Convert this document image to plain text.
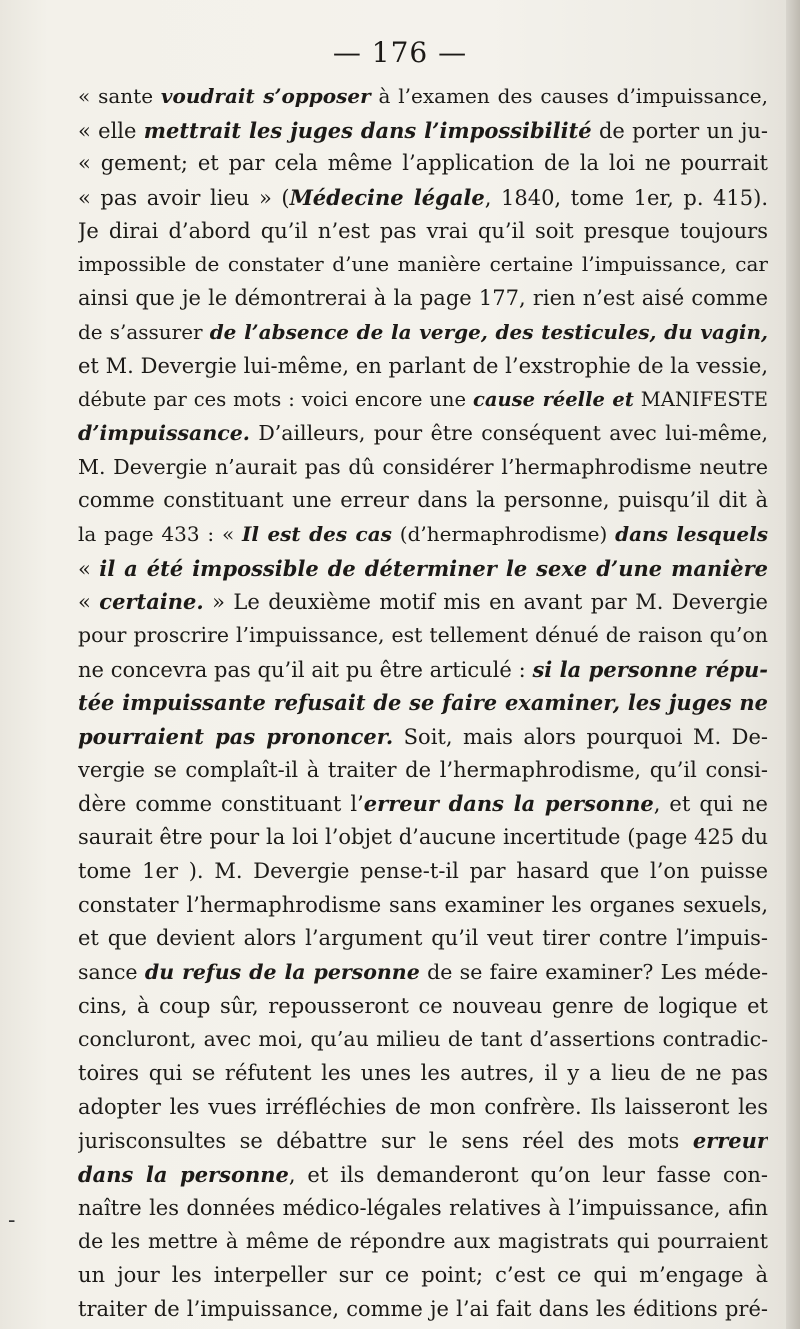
— 176 —
« sante voudrait s’opposer à l’examen des causes d’impuissance,
« elle mettrait les juges dans l’impossibilité de porter un ju-
« gement; et par cela même l’application de la loi ne pourrait
« pas avoir lieu » (Médecine légale, 1840, tome 1er, p. 415).
Je dirai d’abord qu’il n’est pas vrai qu’il soit presque toujours
impossible de constater d’une manière certaine l’impuissance, car
ainsi que je le démontrerai à la page 177, rien n’est aisé comme
de s’assurer de l’absence de la verge, des testicules, du vagin,
et M. Devergie lui-même, en parlant de l’exstrophie de la vessie,
débute par ces mots : voici encore une cause réelle et MANIFESTE
d’impuissance. D’ailleurs, pour être conséquent avec lui-même,
M. Devergie n’aurait pas dû considérer l’hermaphrodisme neutre
comme constituant une erreur dans la personne, puisqu’il dit à
la page 433 : « Il est des cas (d’hermaphrodisme) dans lesquels
« il a été impossible de déterminer le sexe d’une manière
« certaine. » Le deuxième motif mis en avant par M. Devergie
pour proscrire l’impuissance, est tellement dénué de raison qu’on
ne concevra pas qu’il ait pu être articulé : si la personne répu-
tée impuissante refusait de se faire examiner, les juges ne
pourraient pas prononcer. Soit, mais alors pourquoi M. De-
vergie se complaît-il à traiter de l’hermaphrodisme, qu’il consi-
dère comme constituant l’erreur dans la personne, et qui ne
saurait être pour la loi l’objet d’aucune incertitude (page 425 du
tome 1er ). M. Devergie pense-t-il par hasard que l’on puisse
constater l’hermaphrodisme sans examiner les organes sexuels,
et que devient alors l’argument qu’il veut tirer contre l’impuis-
sance du refus de la personne de se faire examiner? Les méde-
cins, à coup sûr, repousseront ce nouveau genre de logique et
concluront, avec moi, qu’au milieu de tant d’assertions contradic-
toires qui se réfutent les unes les autres, il y a lieu de ne pas
adopter les vues irréfléchies de mon confrère. Ils laisseront les
jurisconsultes se débattre sur le sens réel des mots erreur
dans la personne, et ils demanderont qu’on leur fasse con-
naître les données médico-légales relatives à l’impuissance, afin
de les mettre à même de répondre aux magistrats qui pourraient
un jour les interpeller sur ce point; c’est ce qui m’engage à
traiter de l’impuissance, comme je l’ai fait dans les éditions pré-
-
